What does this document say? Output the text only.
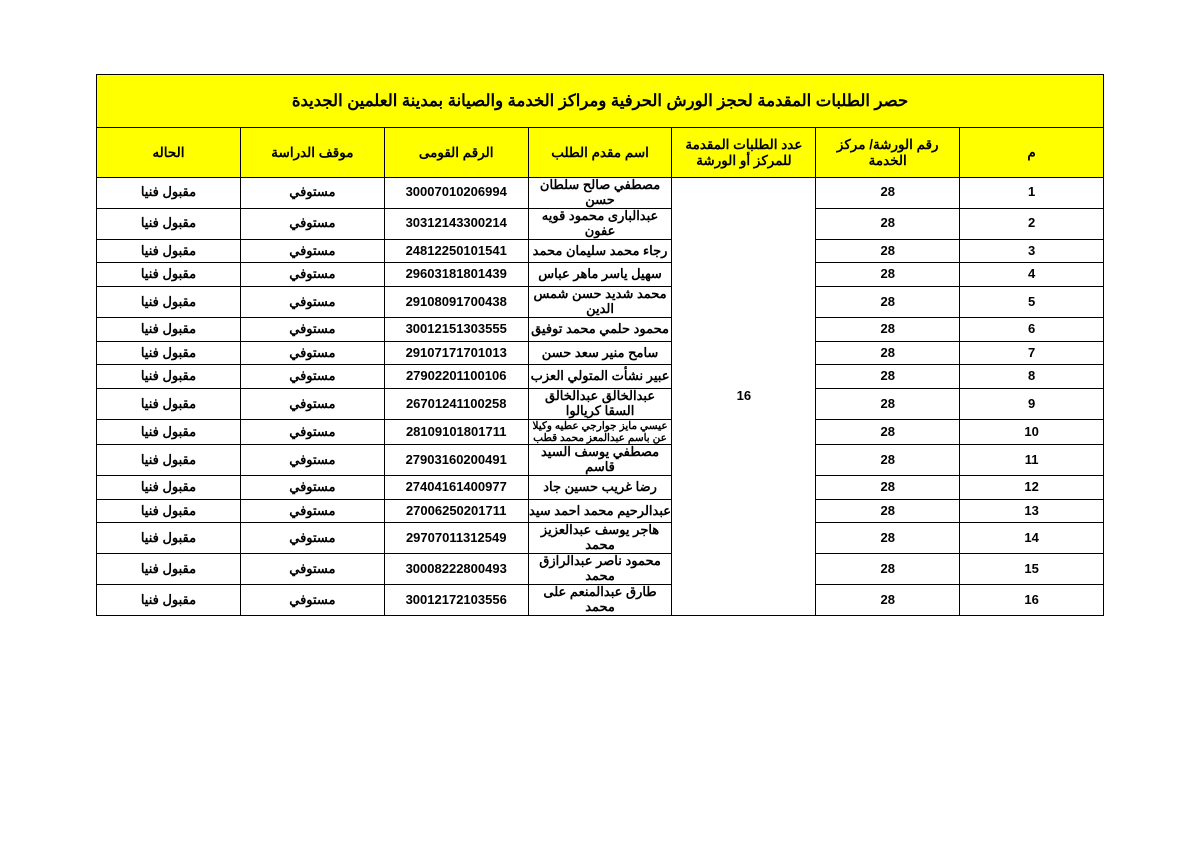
حصر الطلبات المقدمة لحجز الورش الحرفية ومراكز الخدمة والصيانة بمدينة العلمين الجديدة						
م	رقم الورشة/ مركز الخدمة	عدد الطلبات المقدمة للمركز أو الورشة	اسم مقدم الطلب	الرقم القومى	موقف الدراسة	الحاله
1	28	16	مصطفي صالح سلطان حسن	30007010206994	مستوفي	مقبول فنيا
2	28		عبدالبارى محمود قويه عفون	30312143300214	مستوفي	مقبول فنيا
3	28		رجاء محمد سليمان محمد	24812250101541	مستوفي	مقبول فنيا
4	28		سهيل ياسر ماهر عباس	29603181801439	مستوفي	مقبول فنيا
5	28		محمد شديد حسن شمس الدين	29108091700438	مستوفي	مقبول فنيا
6	28		محمود حلمي محمد توفيق	30012151303555	مستوفي	مقبول فنيا
7	28		سامح منير سعد حسن	29107171701013	مستوفي	مقبول فنيا
8	28		عبير نشأت المتولي العزب	27902201100106	مستوفي	مقبول فنيا
9	28		عبدالخالق عبدالخالق السقا كريالوا	26701241100258	مستوفي	مقبول فنيا
10	28		عيسي مايز جوارجي عطيه وكيلا عن باسم عبدالمعز محمد قطب	28109101801711	مستوفي	مقبول فنيا
11	28		مصطفي يوسف السيد قاسم	27903160200491	مستوفي	مقبول فنيا
12	28		رضا غريب حسين جاد	27404161400977	مستوفي	مقبول فنيا
13	28		عبدالرحيم محمد احمد سيد	27006250201711	مستوفي	مقبول فنيا
14	28		هاجر يوسف عبدالعزيز محمد	29707011312549	مستوفي	مقبول فنيا
15	28		محمود ناصر عبدالرازق محمد	30008222800493	مستوفي	مقبول فنيا
16	28		طارق عبدالمنعم على محمد	30012172103556	مستوفي	مقبول فنيا
